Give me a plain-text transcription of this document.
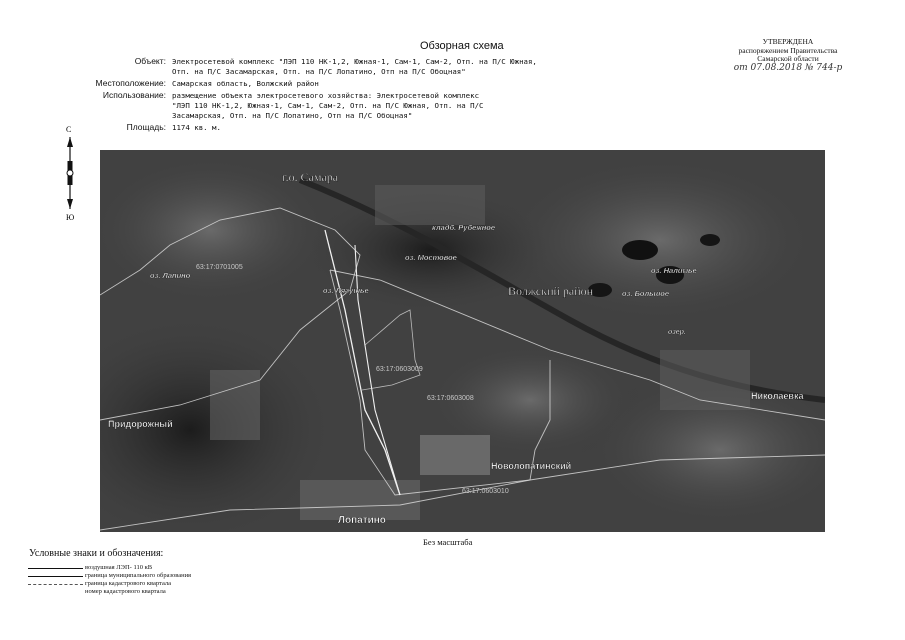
Обзорная схема	УТВЕРЖДЕНА
распоряжением Правительства
Самарской области
от 07.08.2018 № 744-р
Объект: Электросетевой комплекс "ЛЭП 110 НК-1,2, Южная-1, Сам-1, Сам-2, Отп. на П/С Южная,
Отп. на П/С Засамарская, Отп. на П/С Лопатино, Отп на П/С Обоцная"
Местоположение: Самарская область, Волжский район
Использование: размещение объекта электросетевого хозяйства: Электросетевой комплекс
"ЛЭП 110 НК-1,2, Южная-1, Сам-1, Сам-2, Отп. на П/С Южная, Отп. на П/С
Засамарская, Отп. на П/С Лопатино, Отп на П/С Обоцная"
Площадь: 1174 кв. м.
С
Ю
г.о. Самара
Волжский район
кладб. Рубежное
оз. Лапино
оз. Мостовое
оз. Лягушье
оз. Налимье
оз. Большое
озер.
Придорожный
Новолопатинский
Лопатино
Николаевка
63:17:0701005
63:17:0603009
63:17:0603008
63:17:0603010
Без масштаба
Условные знаки и обозначения:
воздушная ЛЭП- 110 кВ
граница муниципального образования
граница кадастрового квартала
номер кадастрового квартала
